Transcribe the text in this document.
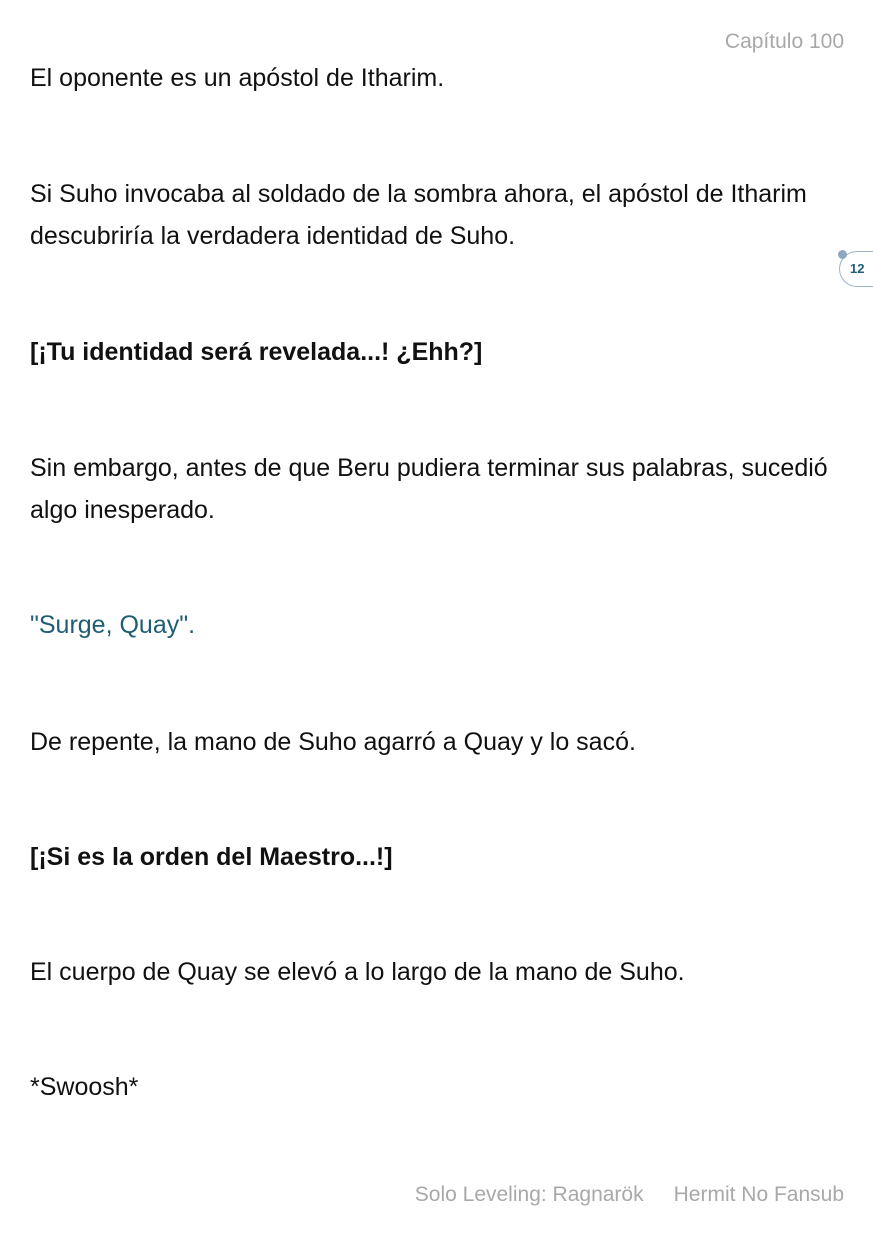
Capítulo 100

El oponente es un apóstol de Itharim.

Si Suho invocaba al soldado de la sombra ahora, el apóstol de Itharim descubriría la verdadera identidad de Suho.

[¡Tu identidad será revelada...! ¿Ehh?]

Sin embargo, antes de que Beru pudiera terminar sus palabras, sucedió algo inesperado.

"Surge, Quay".

De repente, la mano de Suho agarró a Quay y lo sacó.

[¡Si es la orden del Maestro...!]

El cuerpo de Quay se elevó a lo largo de la mano de Suho.

*Swoosh*

12
Solo Leveling: Ragnarök Hermit No Fansub
